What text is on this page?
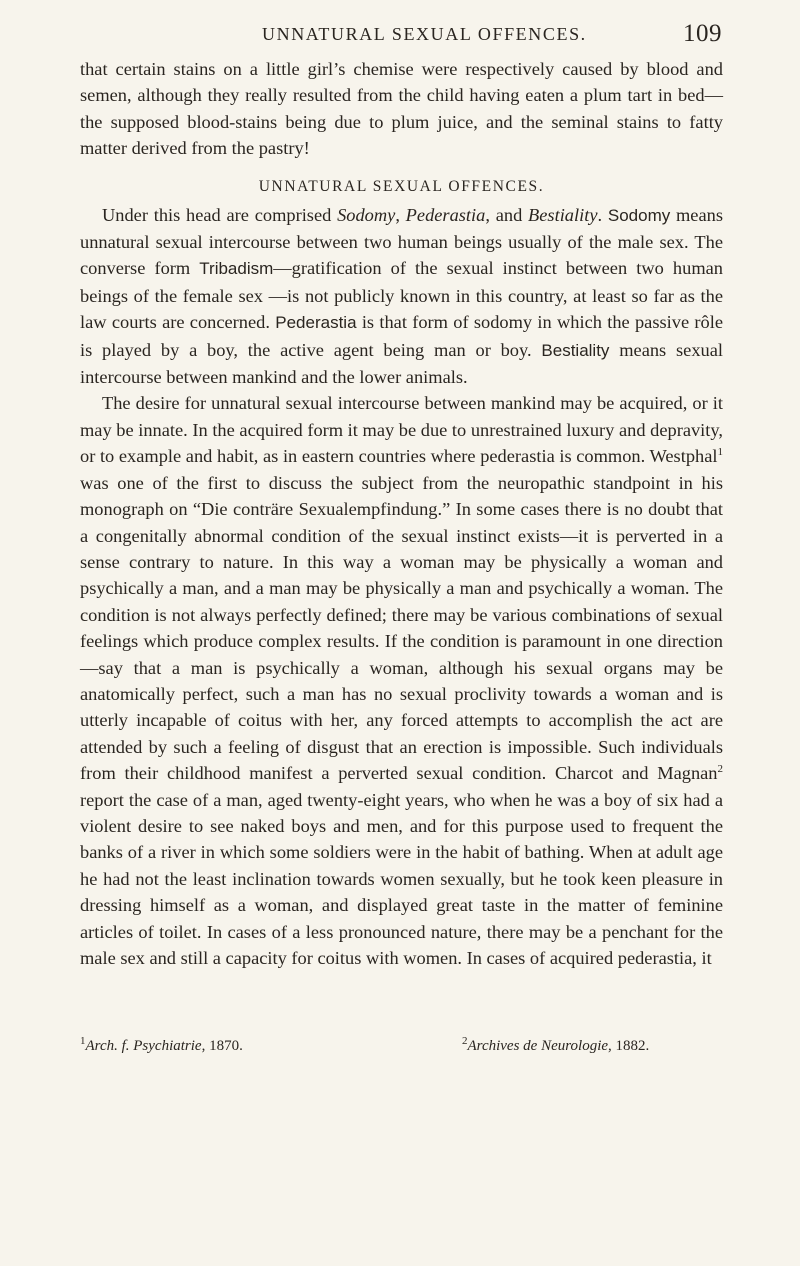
UNNATURAL SEXUAL OFFENCES.	109

that certain stains on a little girl’s chemise were respectively caused by blood and semen, although they really resulted from the child having eaten a plum tart in bed—the supposed blood-stains being due to plum juice, and the seminal stains to fatty matter derived from the pastry!

UNNATURAL SEXUAL OFFENCES.

Under this head are comprised Sodomy, Pederastia, and Bestiality. Sodomy means unnatural sexual intercourse between two human beings usually of the male sex. The converse form Tribadism—gratification of the sexual instinct between two human beings of the female sex —is not publicly known in this country, at least so far as the law courts are concerned. Pederastia is that form of sodomy in which the passive rôle is played by a boy, the active agent being man or boy. Bestiality means sexual intercourse between mankind and the lower animals.

The desire for unnatural sexual intercourse between mankind may be acquired, or it may be innate. In the acquired form it may be due to unrestrained luxury and depravity, or to example and habit, as in eastern countries where pederastia is common. Westphal$^1$ was one of the first to discuss the subject from the neuropathic standpoint in his monograph on “Die conträre Sexualempfindung.” In some cases there is no doubt that a congenitally abnormal condition of the sexual instinct exists—it is perverted in a sense contrary to nature. In this way a woman may be physically a woman and psychically a man, and a man may be physically a man and psychically a woman. The condition is not always perfectly defined; there may be various combinations of sexual feelings which produce complex results. If the condition is paramount in one direction—say that a man is psychically a woman, although his sexual organs may be anatomically perfect, such a man has no sexual proclivity towards a woman and is utterly incapable of coitus with her, any forced attempts to accomplish the act are attended by such a feeling of disgust that an erection is impossible. Such individuals from their childhood manifest a perverted sexual condition. Charcot and Magnan$^2$ report the case of a man, aged twenty-eight years, who when he was a boy of six had a violent desire to see naked boys and men, and for this purpose used to frequent the banks of a river in which some soldiers were in the habit of bathing. When at adult age he had not the least inclination towards women sexually, but he took keen pleasure in dressing himself as a woman, and displayed great taste in the matter of feminine articles of toilet. In cases of a less pronounced nature, there may be a penchant for the male sex and still a capacity for coitus with women. In cases of acquired pederastia, it

$^1$Arch. f. Psychiatrie, 1870.	$^2$Archives de Neurologie, 1882.
